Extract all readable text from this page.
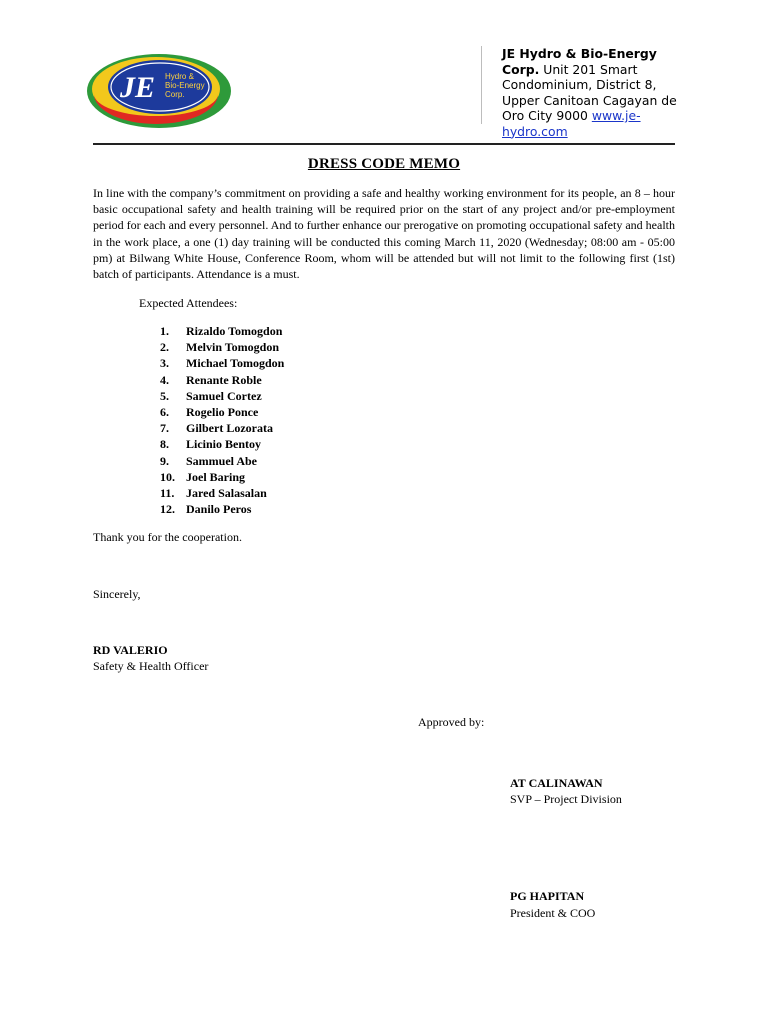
JE Hydro &
Bio-Energy
Corp.
JE Hydro & Bio-Energy Corp. Unit 201 Smart Condominium, District 8, Upper Canitoan Cagayan de Oro City 9000 www.je-hydro.com
DRESS CODE MEMO
In line with the company’s commitment on providing a safe and healthy working environment for its people, an 8 – hour basic occupational safety and health training will be required prior on the start of any project and/or pre-employment period for each and every personnel. And to further enhance our prerogative on promoting occupational safety and health in the work place, a one (1) day training will be conducted this coming March 11, 2020 (Wednesday; 08:00 am - 05:00 pm) at Bilwang White House, Conference Room, whom will be attended but will not limit to the following first (1st) batch of participants. Attendance is a must.
Expected Attendees:
1. Rizaldo Tomogdon
2. Melvin Tomogdon
3. Michael Tomogdon
4. Renante Roble
5. Samuel Cortez
6. Rogelio Ponce
7. Gilbert Lozorata
8. Licinio Bentoy
9. Sammuel Abe
10. Joel Baring
11. Jared Salasalan
12. Danilo Peros
Thank you for the cooperation.
Sincerely,
RD VALERIO
Safety & Health Officer
Approved by:
AT CALINAWAN
SVP – Project Division
PG HAPITAN
President & COO
